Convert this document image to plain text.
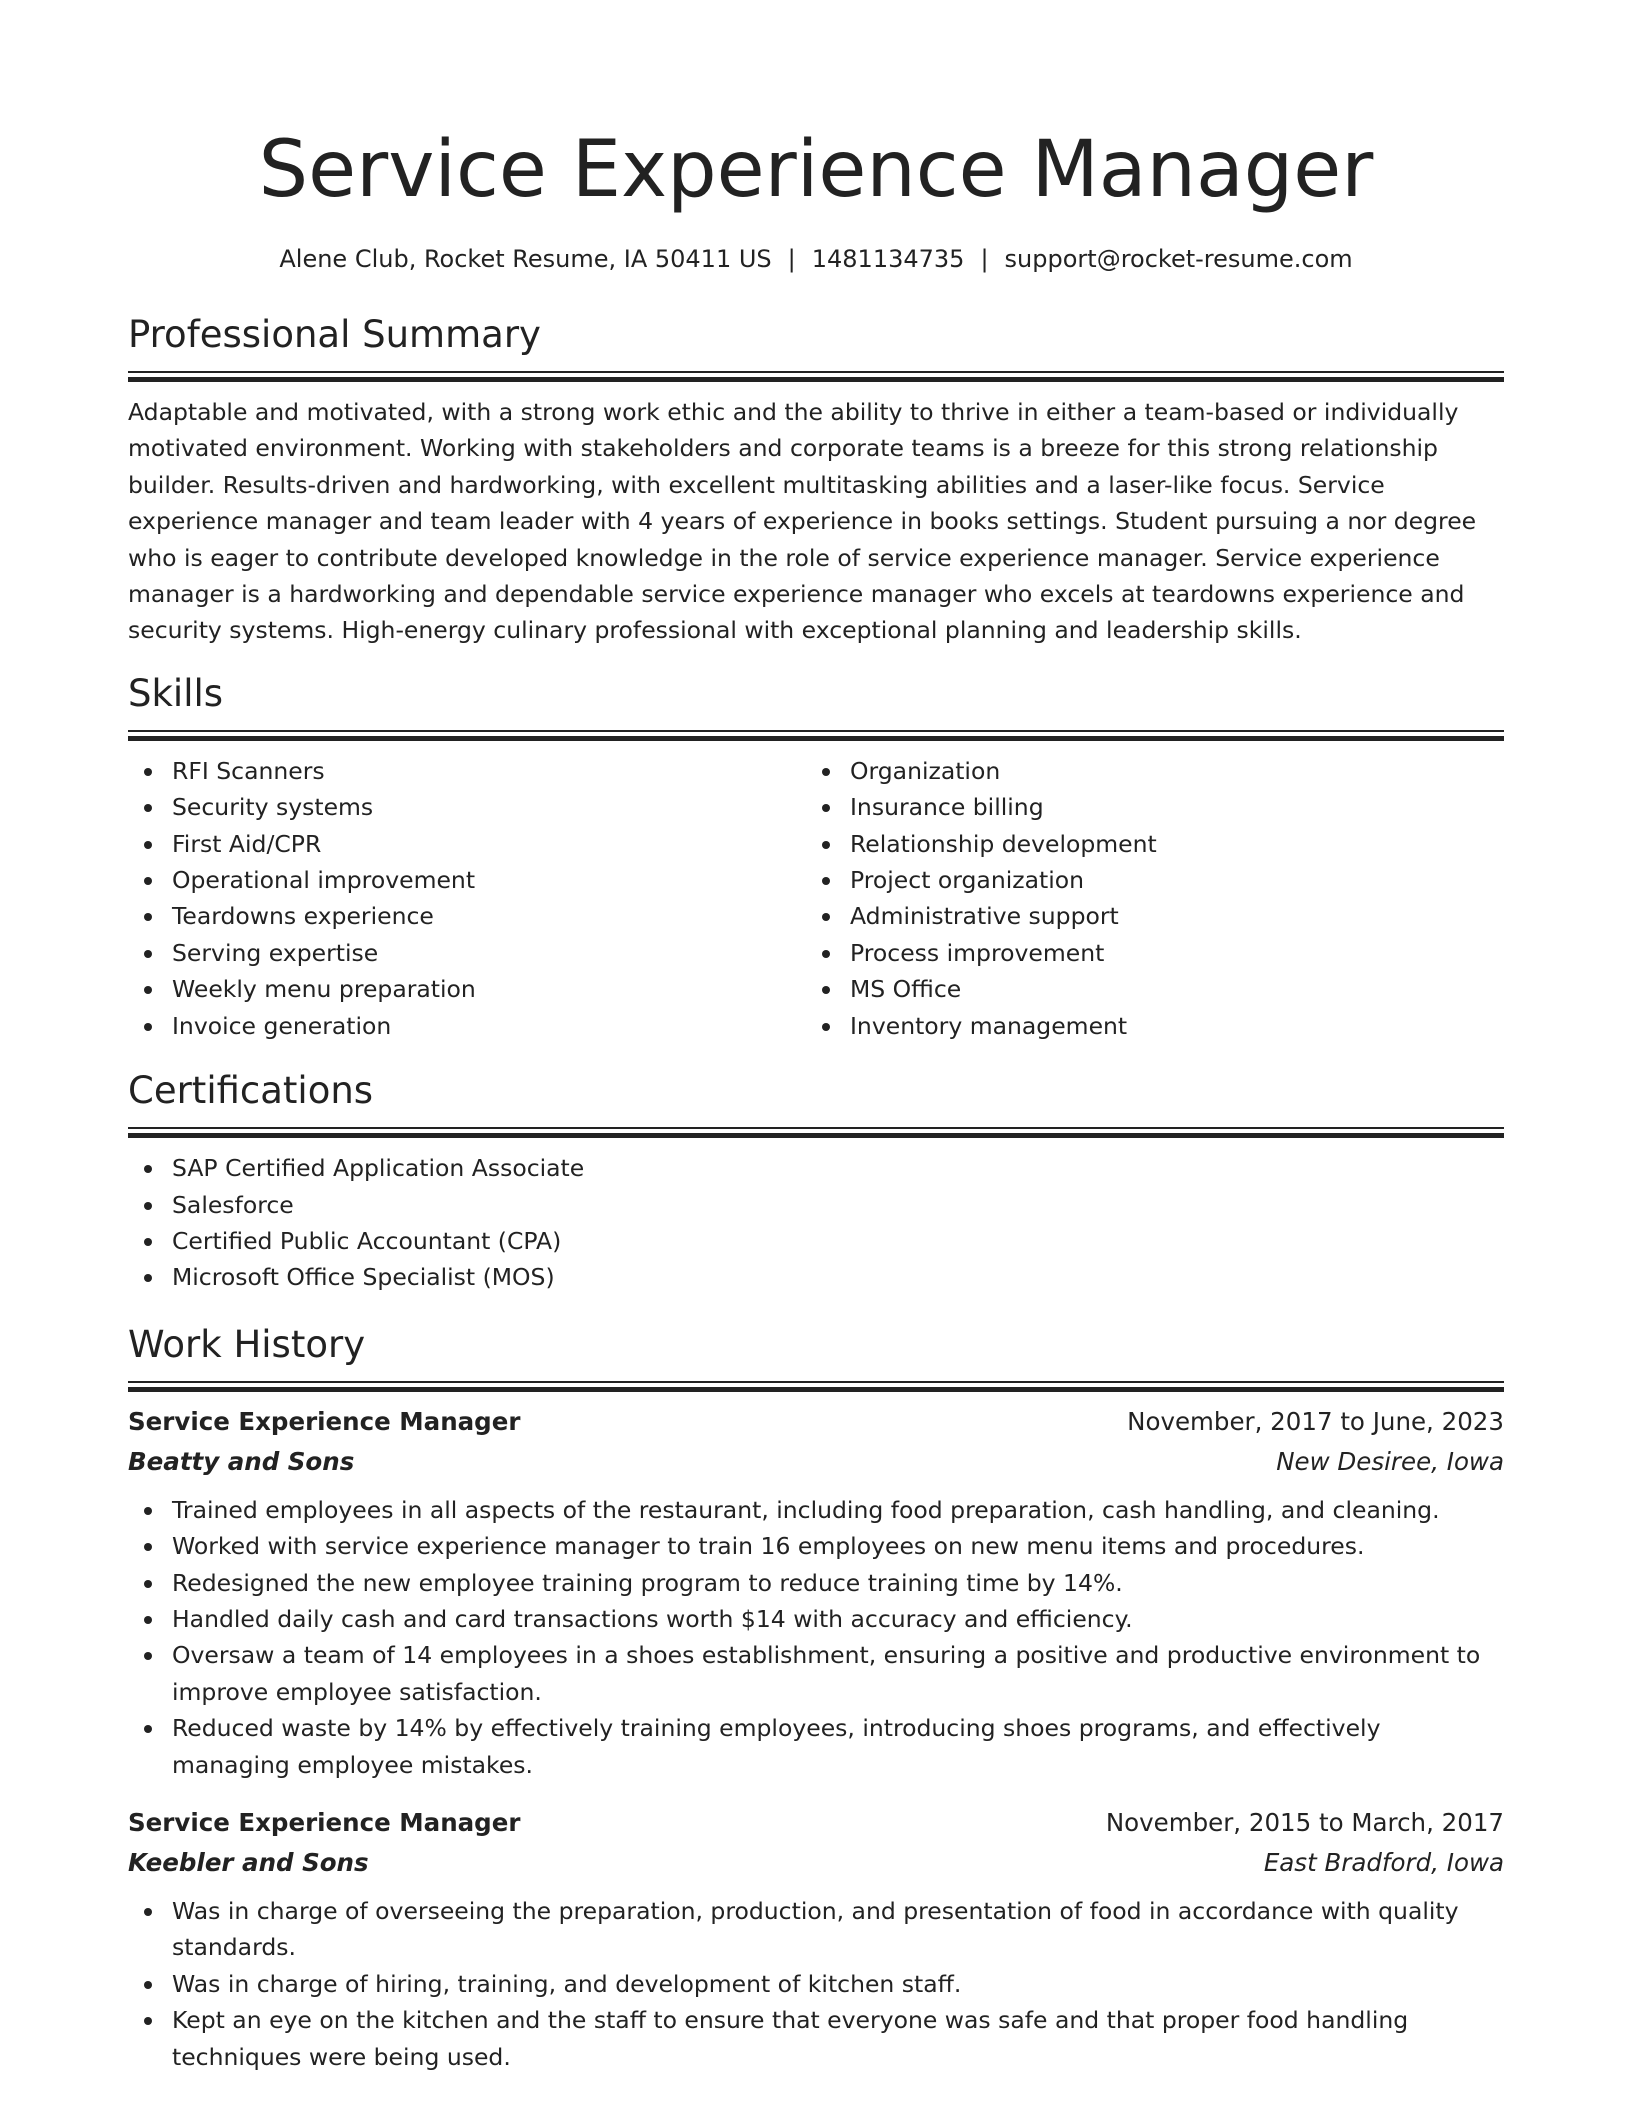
Service Experience Manager
Alene Club, Rocket Resume, IA 50411 US | 1481134735 | support@rocket-resume.com
Professional Summary

Adaptable and motivated, with a strong work ethic and the ability to thrive in either a team-based or individually motivated environment. Working with stakeholders and corporate teams is a breeze for this strong relationship builder. Results-driven and hardworking, with excellent multitasking abilities and a laser-like focus. Service experience manager and team leader with 4 years of experience in books settings. Student pursuing a nor degree who is eager to contribute developed knowledge in the role of service experience manager. Service experience manager is a hardworking and dependable service experience manager who excels at teardowns experience and security systems. High-energy culinary professional with exceptional planning and leadership skills.

Skills
RFI Scanners
Security systems
First Aid/CPR
Operational improvement
Teardowns experience
Serving expertise
Weekly menu preparation
Invoice generation
Organization
Insurance billing
Relationship development
Project organization
Administrative support
Process improvement
MS Office
Inventory management
Certifications
SAP Certified Application Associate
Salesforce
Certified Public Accountant (CPA)
Microsoft Office Specialist (MOS)
Work History
Service Experience Manager	November, 2017 to June, 2023
Beatty and Sons	New Desiree, Iowa
Trained employees in all aspects of the restaurant, including food preparation, cash handling, and cleaning.
Worked with service experience manager to train 16 employees on new menu items and procedures.
Redesigned the new employee training program to reduce training time by 14%.
Handled daily cash and card transactions worth $14 with accuracy and efficiency.
Oversaw a team of 14 employees in a shoes establishment, ensuring a positive and productive environment to improve employee satisfaction.
Reduced waste by 14% by effectively training employees, introducing shoes programs, and effectively managing employee mistakes.
Service Experience Manager	November, 2015 to March, 2017
Keebler and Sons	East Bradford, Iowa
Was in charge of overseeing the preparation, production, and presentation of food in accordance with quality standards.
Was in charge of hiring, training, and development of kitchen staff.
Kept an eye on the kitchen and the staff to ensure that everyone was safe and that proper food handling techniques were being used.
